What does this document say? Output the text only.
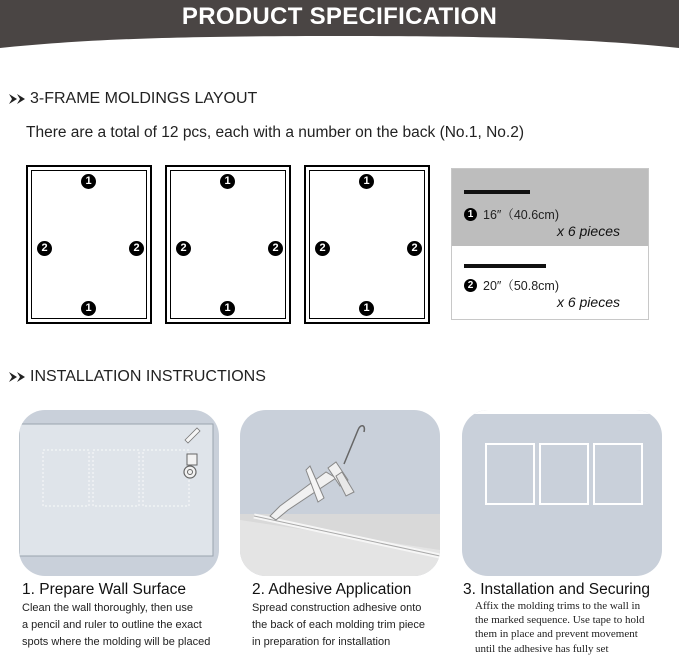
PRODUCT SPECIFICATION
3-FRAME MOLDINGS LAYOUT
There are a total of 12 pcs, each with a number on the back (No.1, No.2)
1
2	2
1
1
2	2
1
1
2	2
1
1 16″（40.6cm)
x 6 pieces
2 20″（50.8cm)
x 6 pieces
INSTALLATION INSTRUCTIONS
1. Prepare Wall Surface	2. Adhesive Application	3. Installation and Securing
Clean the wall thoroughly, then use
a pencil and ruler to outline the exact
spots where the molding will be placed
Spread construction adhesive onto
the back of each molding trim piece
in preparation for installation
Affix the molding trims to the wall in
the marked sequence. Use tape to hold
them in place and prevent movement
until the adhesive has fully set
